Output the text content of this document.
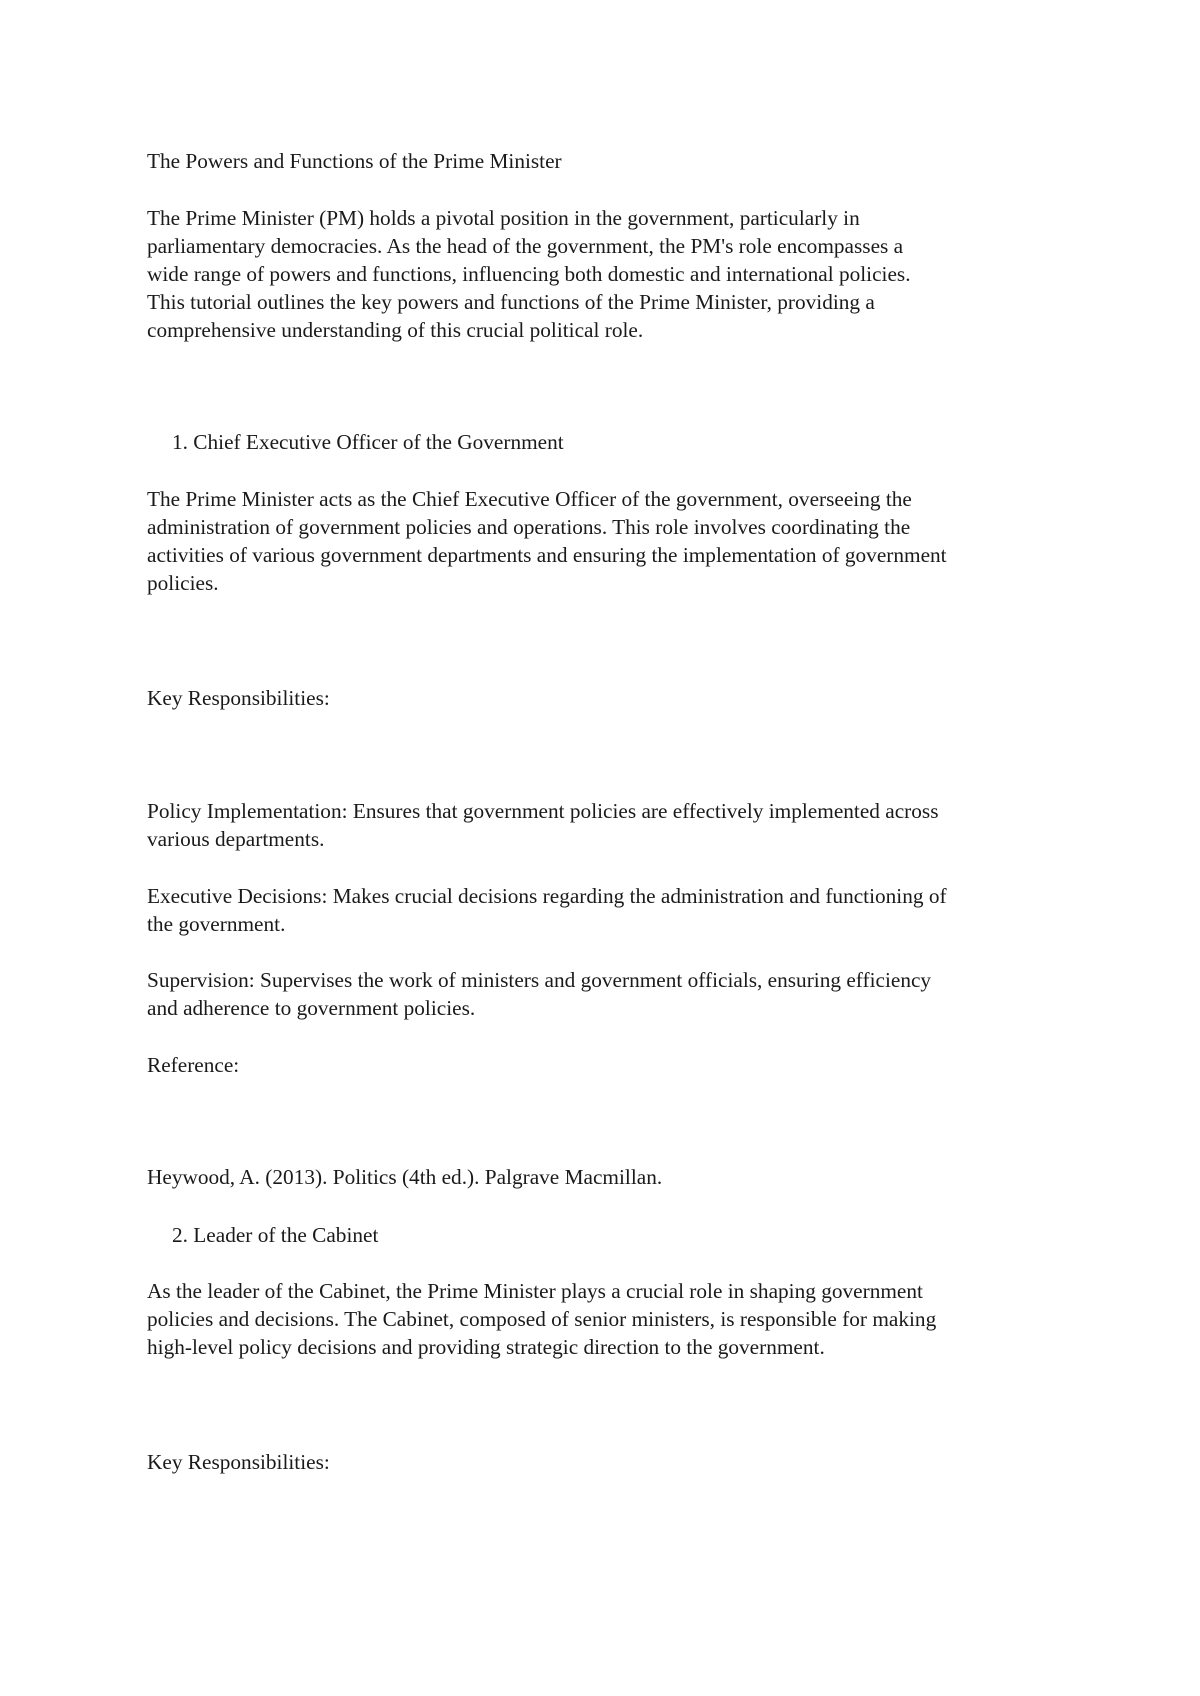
The Powers and Functions of the Prime Minister

The Prime Minister (PM) holds a pivotal position in the government, particularly in

parliamentary democracies. As the head of the government, the PM's role encompasses a

wide range of powers and functions, influencing both domestic and international policies.

This tutorial outlines the key powers and functions of the Prime Minister, providing a

comprehensive understanding of this crucial political role.

1. Chief Executive Officer of the Government

The Prime Minister acts as the Chief Executive Officer of the government, overseeing the

administration of government policies and operations. This role involves coordinating the

activities of various government departments and ensuring the implementation of government

policies.

Key Responsibilities:

Policy Implementation: Ensures that government policies are effectively implemented across

various departments.

Executive Decisions: Makes crucial decisions regarding the administration and functioning of

the government.

Supervision: Supervises the work of ministers and government officials, ensuring efficiency

and adherence to government policies.

Reference:

Heywood, A. (2013). Politics (4th ed.). Palgrave Macmillan.

2. Leader of the Cabinet

As the leader of the Cabinet, the Prime Minister plays a crucial role in shaping government

policies and decisions. The Cabinet, composed of senior ministers, is responsible for making

high-level policy decisions and providing strategic direction to the government.

Key Responsibilities:
